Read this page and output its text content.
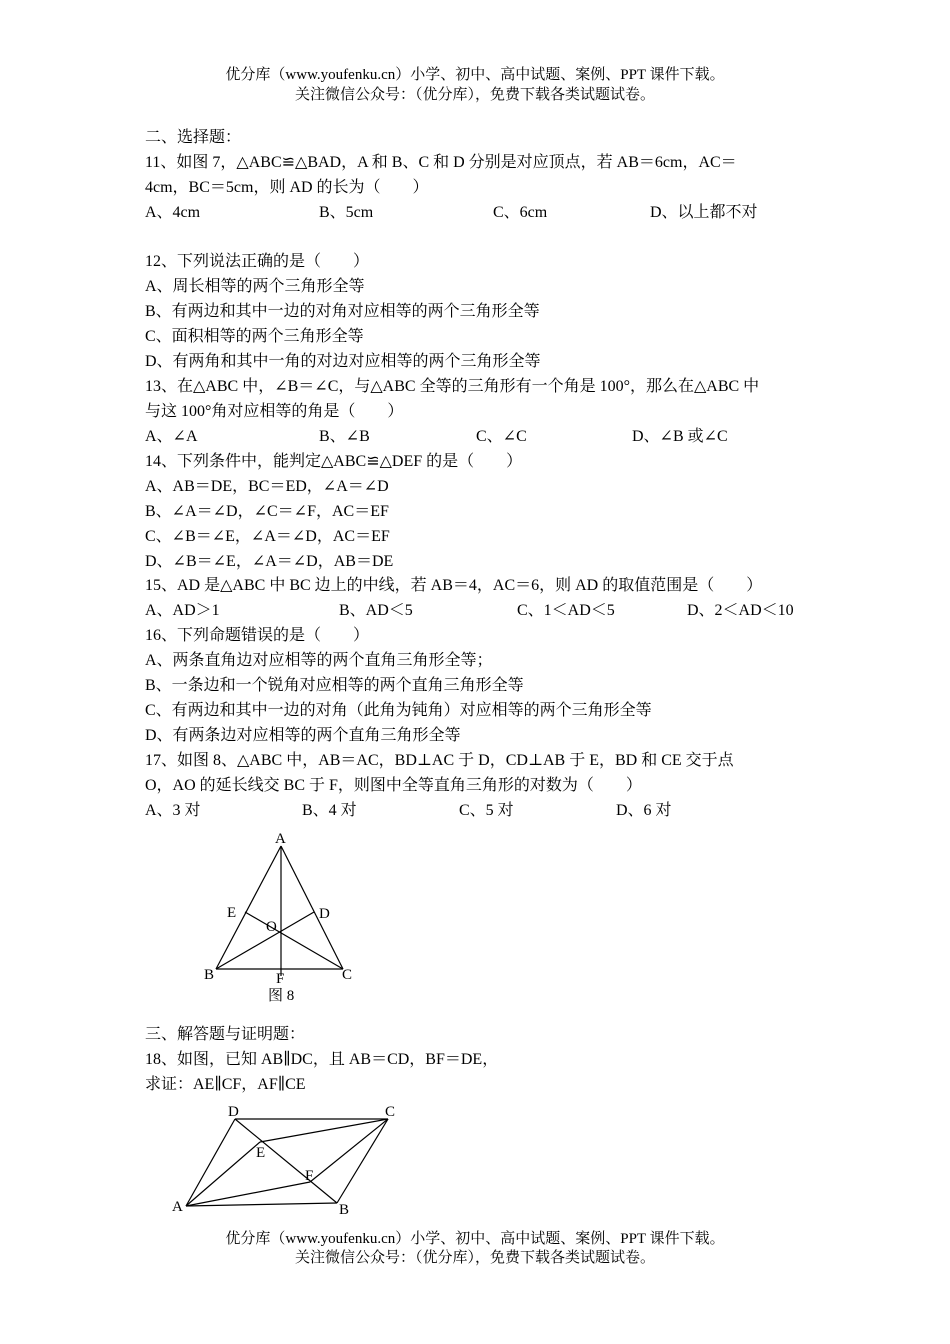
优分库（www.youfenku.cn）小学、初中、高中试题、案例、PPT 课件下载。
关注微信公众号：（优分库），免费下载各类试题试卷。
二、选择题：
11、如图 7，△ABC≌△BAD，A 和 B、C 和 D 分别是对应顶点，若 AB＝6cm，AC＝
4cm，BC＝5cm，则 AD 的长为（　　）
A、4cm	B、5cm	C、6cm	D、以上都不对
12、下列说法正确的是（　　）
A、周长相等的两个三角形全等
B、有两边和其中一边的对角对应相等的两个三角形全等
C、面积相等的两个三角形全等
D、有两角和其中一角的对边对应相等的两个三角形全等
13、在△ABC 中，∠B＝∠C，与△ABC 全等的三角形有一个角是 100°，那么在△ABC 中
与这 100°角对应相等的角是（　　）
A、∠A	B、∠B	C、∠C	D、∠B 或∠C
14、下列条件中，能判定△ABC≌△DEF 的是（　　）
A、AB＝DE，BC＝ED，∠A＝∠D
B、∠A＝∠D，∠C＝∠F，AC＝EF
C、∠B＝∠E，∠A＝∠D，AC＝EF
D、∠B＝∠E，∠A＝∠D，AB＝DE
15、AD 是△ABC 中 BC 边上的中线，若 AB＝4，AC＝6，则 AD 的取值范围是（　　）
A、AD＞1	B、AD＜5	C、1＜AD＜5	D、2＜AD＜10
16、下列命题错误的是（　　）
A、两条直角边对应相等的两个直角三角形全等；
B、一条边和一个锐角对应相等的两个直角三角形全等
C、有两边和其中一边的对角（此角为钝角）对应相等的两个三角形全等
D、有两条边对应相等的两个直角三角形全等
17、如图 8、△ABC 中，AB＝AC，BD⊥AC 于 D，CD⊥AB 于 E，BD 和 CE 交于点
O，AO 的延长线交 BC 于 F，则图中全等直角三角形的对数为（　　）
A、3 对	B、4 对	C、5 对	D、6 对
A
E	D
O
B	F	C
图 8
三、解答题与证明题：
18、如图，已知 AB∥DC，且 AB＝CD，BF＝DE，
求证：AE∥CF，AF∥CE
D	C
E
F
A	B
优分库（www.youfenku.cn）小学、初中、高中试题、案例、PPT 课件下载。
关注微信公众号：（优分库），免费下载各类试题试卷。
